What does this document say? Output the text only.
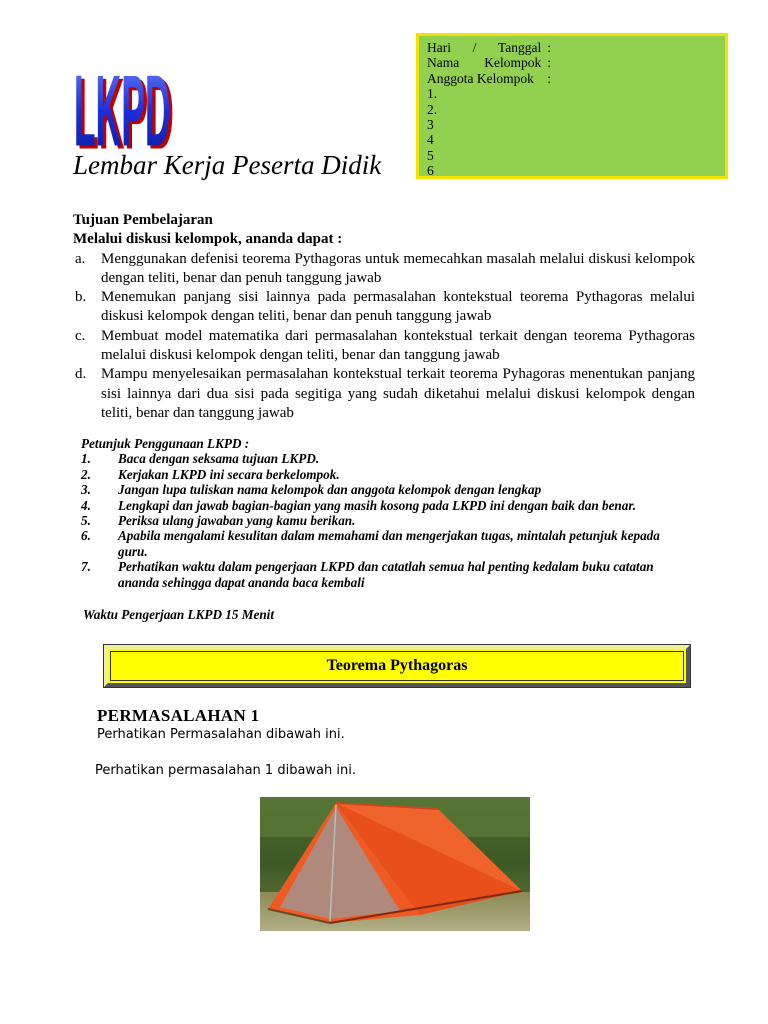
LKPD
LKPD
Lembar Kerja Peserta Didik
Hari / Tanggal :
Nama Kelompok :
Anggota Kelompok :
1.
2.
3
4
5
6
Tujuan Pembelajaran
Melalui diskusi kelompok, ananda dapat :
a.	Menggunakan defenisi teorema Pythagoras untuk memecahkan masalah melalui diskusi kelompok dengan teliti, benar dan penuh tanggung jawab
b. Menemukan panjang sisi lainnya pada permasalahan kontekstual teorema Pythagoras melalui diskusi kelompok dengan teliti, benar dan penuh tanggung jawab
c.	Membuat model matematika dari permasalahan kontekstual terkait dengan teorema Pythagoras melalui diskusi kelompok dengan teliti, benar dan tanggung jawab
d. Mampu menyelesaikan permasalahan kontekstual terkait teorema Pyhagoras menentukan panjang sisi lainnya dari dua sisi pada segitiga yang sudah diketahui melalui diskusi kelompok dengan teliti, benar dan tanggung jawab
Petunjuk Penggunaan LKPD :
1.	Baca dengan seksama tujuan LKPD.
2.	Kerjakan LKPD ini secara berkelompok.
3.	Jangan lupa tuliskan nama kelompok dan anggota kelompok dengan lengkap
4.	Lengkapi dan jawab bagian-bagian yang masih kosong pada LKPD ini dengan baik dan benar.
5.	Periksa ulang jawaban yang kamu berikan.
6.	Apabila mengalami kesulitan dalam memahami dan mengerjakan tugas, mintalah petunjuk kepada guru.
7.	Perhatikan waktu dalam pengerjaan LKPD dan catatlah semua hal penting kedalam buku catatan ananda sehingga dapat ananda baca kembali
Waktu Pengerjaan LKPD 15 Menit
Teorema Pythagoras
PERMASALAHAN 1
Perhatikan Permasalahan dibawah ini.
Perhatikan permasalahan 1 dibawah ini.
